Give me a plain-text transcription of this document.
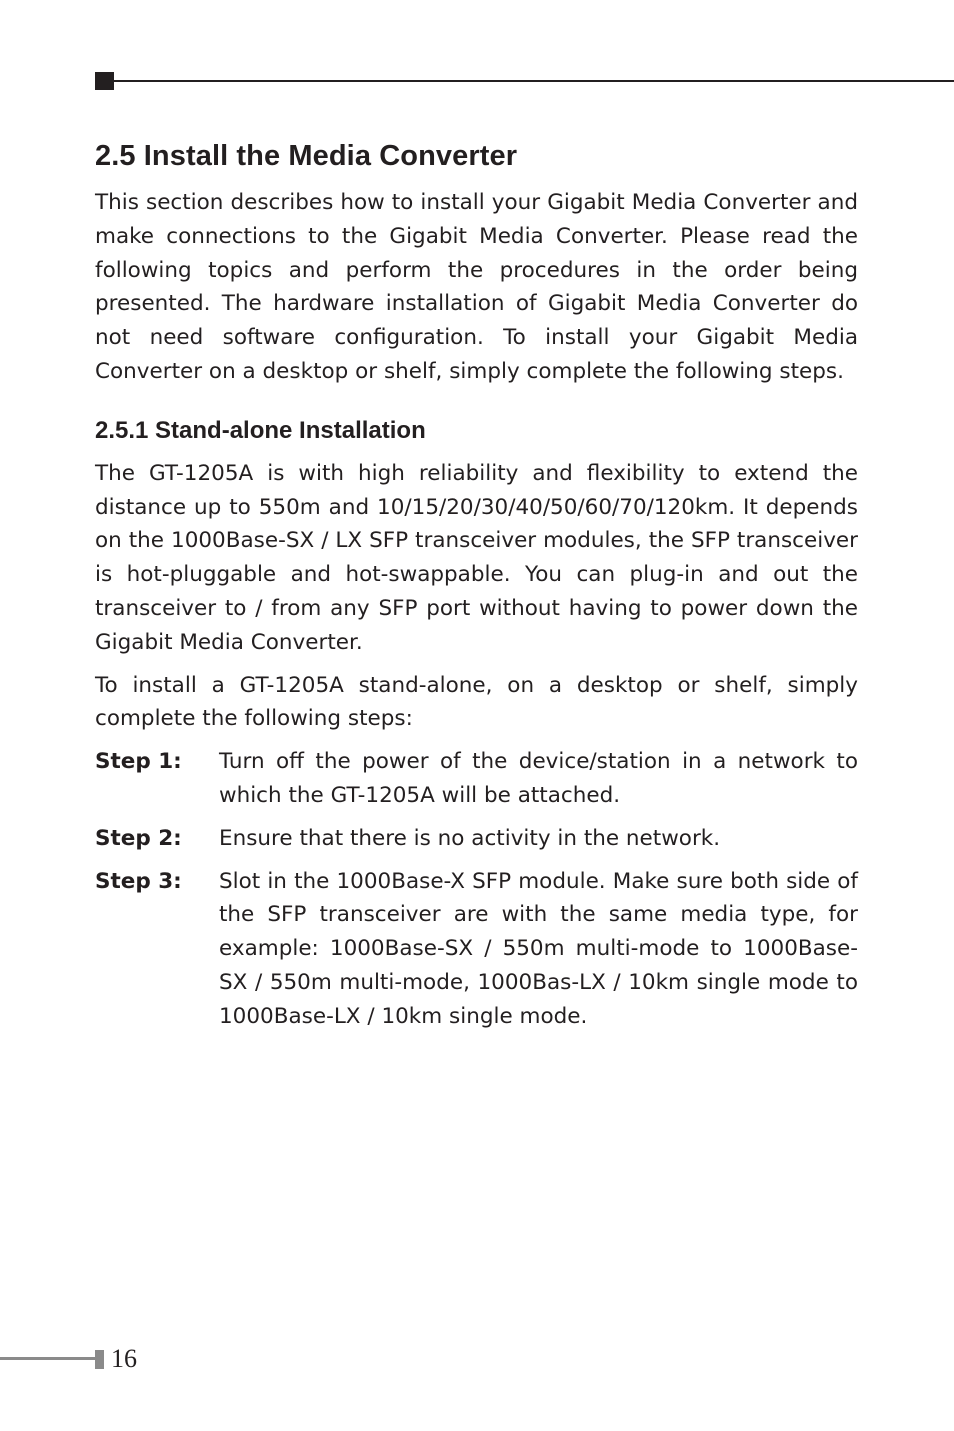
2.5 Install the Media Converter

This section describes how to install your Gigabit Media Converter and make connections to the Gigabit Media Converter. Please read the following topics and perform the procedures in the order being presented. The hardware installation of Gigabit Media Converter do not need software configuration. To install your Gigabit Media Converter on a desktop or shelf, simply complete the following steps.

2.5.1 Stand-alone Installation

The GT-1205A is with high reliability and flexibility to extend the distance up to 550m and 10/15/20/30/40/50/60/70/120km. It depends on the 1000Base-SX / LX SFP transceiver modules, the SFP transceiver is hot-pluggable and hot-swappable. You can plug-in and out the transceiver to / from any SFP port without having to power down the Gigabit Media Converter.

To install a GT-1205A stand-alone, on a desktop or shelf, simply complete the following steps:

Step 1:	Turn off the power of the device/station in a network to which the GT-1205A will be attached.
Step 2:	Ensure that there is no activity in the network.
Step 3:	Slot in the 1000Base-X SFP module. Make sure both side of the SFP transceiver are with the same media type, for example: 1000Base-SX / 550m multi-mode to 1000Base-SX / 550m multi-mode, 1000Bas-LX / 10km single mode to 1000Base-LX / 10km single mode.
16
